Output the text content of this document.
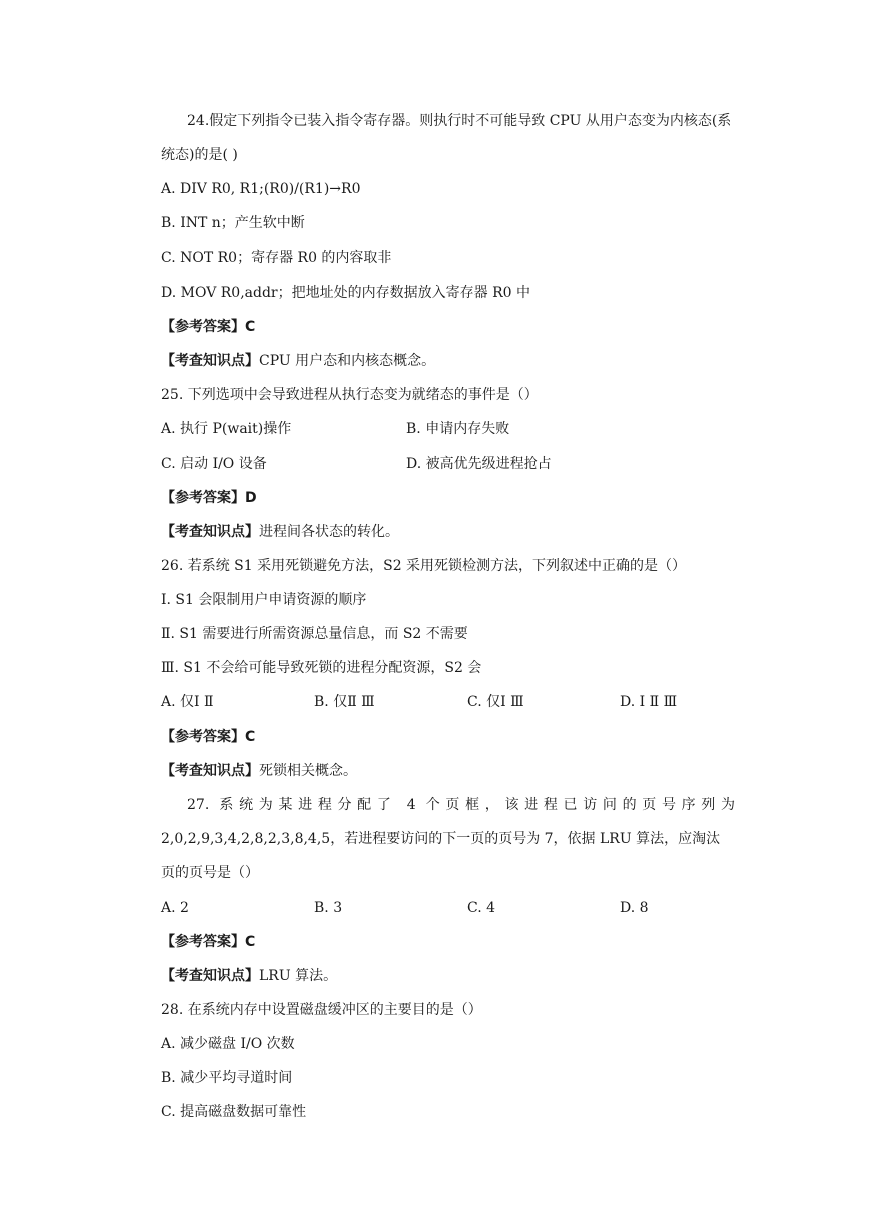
24.假定下列指令已装入指令寄存器。则执行时不可能导致 CPU 从用户态变为内核态(系
统态)的是( )
A. DIV R0, R1;(R0)/(R1)→R0
B. INT n；产生软中断
C. NOT R0；寄存器 R0 的内容取非
D. MOV R0,addr；把地址处的内存数据放入寄存器 R0 中
【参考答案】C
【考查知识点】CPU 用户态和内核态概念。
25. 下列选项中会导致进程从执行态变为就绪态的事件是（）
A. 执行 P(wait)操作	B. 申请内存失败
C. 启动 I/O 设备	D. 被高优先级进程抢占
【参考答案】D
【考查知识点】进程间各状态的转化。
26. 若系统 S1 采用死锁避免方法，S2 采用死锁检测方法，下列叙述中正确的是（）
Ⅰ. S1 会限制用户申请资源的顺序
Ⅱ. S1 需要进行所需资源总量信息，而 S2 不需要
Ⅲ. S1 不会给可能导致死锁的进程分配资源，S2 会
A. 仅Ⅰ Ⅱ	B. 仅Ⅱ Ⅲ	C. 仅Ⅰ Ⅲ	D. Ⅰ Ⅱ Ⅲ
【参考答案】C
【考查知识点】死锁相关概念。
27. 系统为某进程分配了 4 个页框，该进程已访问的页号序列为
2,0,2,9,3,4,2,8,2,3,8,4,5，若进程要访问的下一页的页号为 7，依据 LRU 算法，应淘汰
页的页号是（）
A. 2	B. 3	C. 4	D. 8
【参考答案】C
【考查知识点】LRU 算法。
28. 在系统内存中设置磁盘缓冲区的主要目的是（）
A. 减少磁盘 I/O 次数
B. 减少平均寻道时间
C. 提高磁盘数据可靠性
